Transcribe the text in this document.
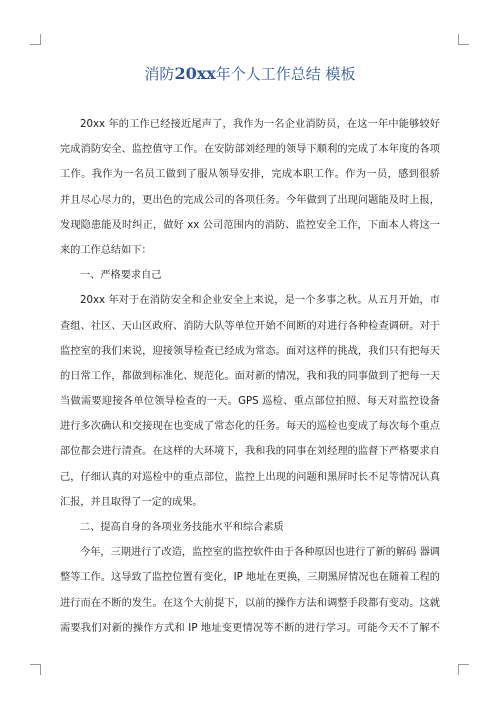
消防20xx年个人工作总结 模板
20xx 年的工作已经接近尾声了，我作为一名企业消防员，在这一年中能够较好
完成消防安全、监控值守工作。在安防部刘经理的领导下顺利的完成了本年度的各项
工作。我作为一名员工做到了服从领导安排，完成本职工作。作为一员，感到很骄
并且尽心尽力的，更出色的完成公司的各项任务。今年做到了出现问题能及时上报，
发现隐患能及时纠正，做好 xx 公司范围内的消防、监控安全工作，下面本人将这一
来的工作总结如下：
一、严格要求自己
20xx 年对于在消防安全和企业安全上来说，是一个多事之秋。从五月开始，市
查组、社区、天山区政府、消防大队等单位开始不间断的对进行各种检查调研。对于
监控室的我们来说，迎接领导检查已经成为常态。面对这样的挑战，我们只有把每天
的日常工作，都做到标准化、规范化。面对新的情况，我和我的同事做到了把每一天
当做需要迎接各单位领导检查的一天。GPS 巡检、重点部位拍照、每天对监控设备
进行多次确认和交接现在也变成了常态化的任务。每天的巡检也变成了每次每个重点
部位都会进行清查。在这样的大环境下，我和我的同事在刘经理的监督下严格要求自
己，仔细认真的对巡检中的重点部位，监控上出现的问题和黑屏时长不足等情况认真
汇报，并且取得了一定的成果。
二、提高自身的各项业务技能水平和综合素质
今年，三期进行了改造，监控室的监控软件由于各种原因也进行了新的解码 器调
整等工作。这导致了监控位置有变化，IP 地址在更换，三期黑屏情况也在随着工程的
进行而在不断的发生。在这个大前提下，以前的操作方法和调整手段都有变动。这就
需要我们对新的操作方式和 IP 地址变更情况等不断的进行学习。可能今天不了解不
